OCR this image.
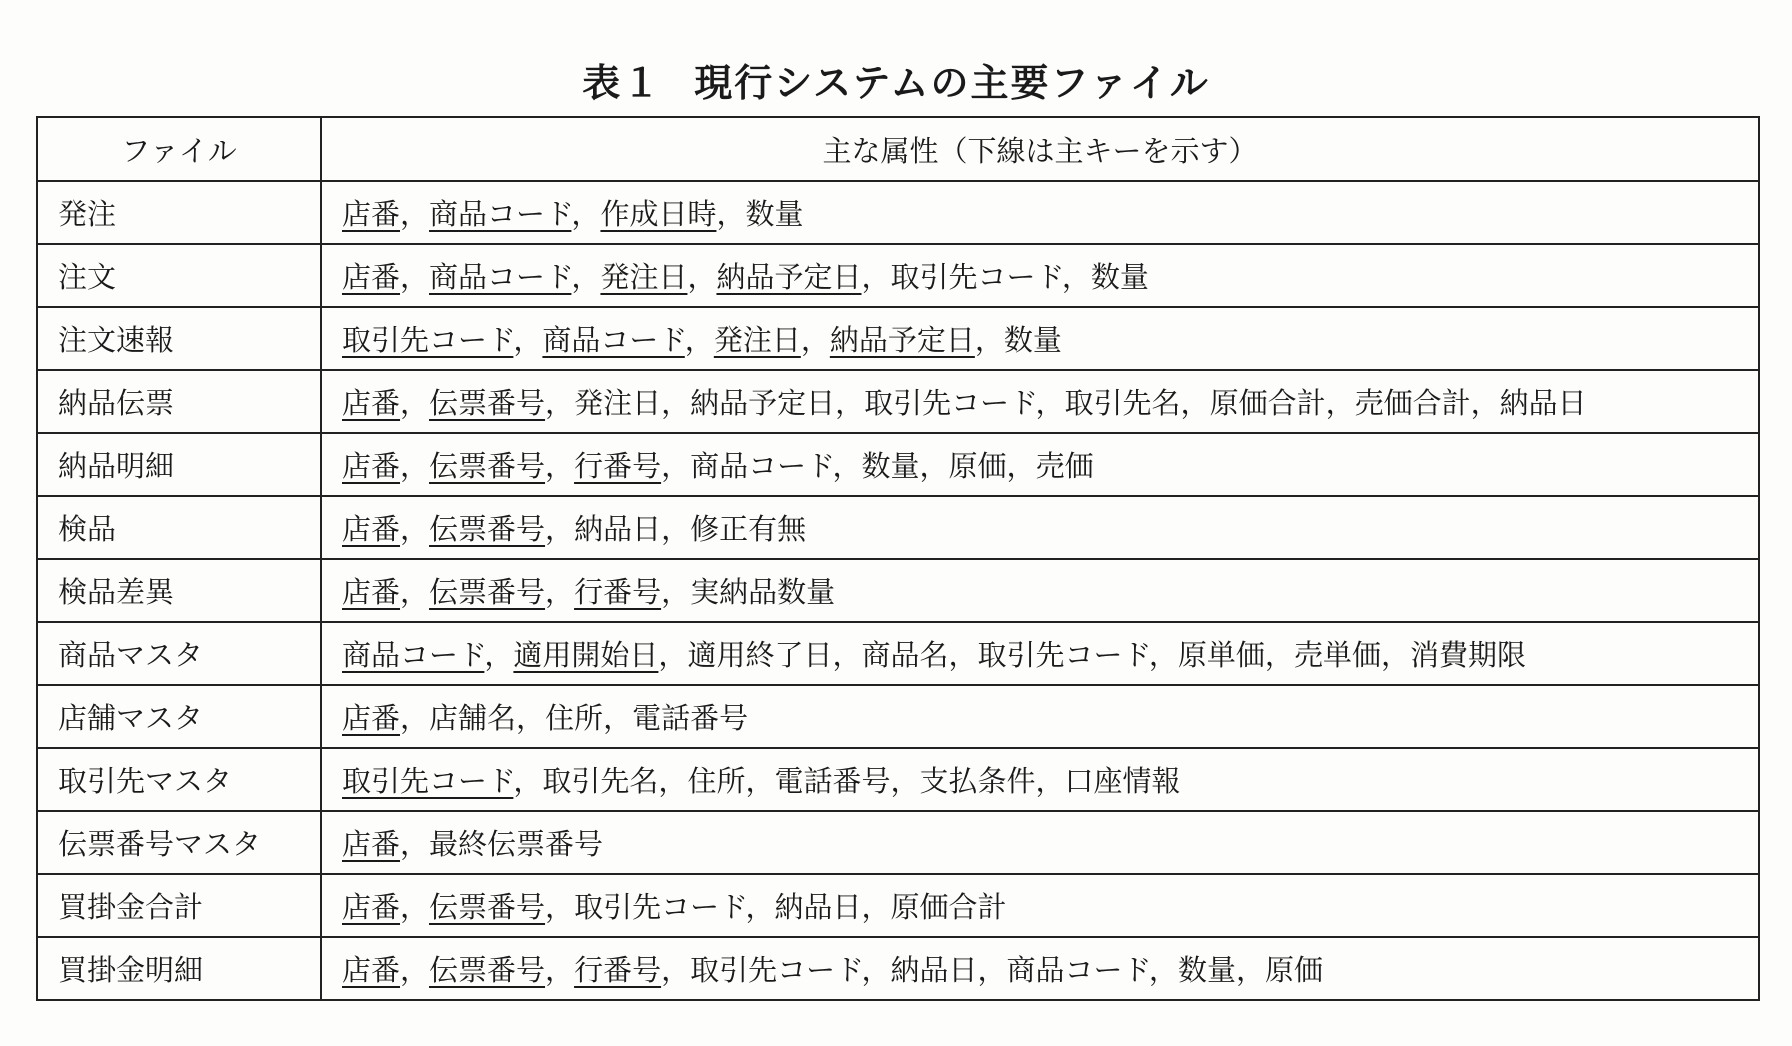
表１ 現行システムの主要ファイル
ファイル	主な属性（下線は主キーを示す）
発注	店番，商品コード，作成日時，数量
注文	店番，商品コード，発注日，納品予定日，取引先コード，数量
注文速報	取引先コード，商品コード，発注日，納品予定日，数量
納品伝票	店番，伝票番号，発注日，納品予定日，取引先コード，取引先名，原価合計，売価合計，納品日
納品明細	店番，伝票番号，行番号，商品コード，数量，原価，売価
検品	店番，伝票番号，納品日，修正有無
検品差異	店番，伝票番号，行番号，実納品数量
商品マスタ	商品コード，適用開始日，適用終了日，商品名，取引先コード，原単価，売単価，消費期限
店舗マスタ	店番，店舗名，住所，電話番号
取引先マスタ	取引先コード，取引先名，住所，電話番号，支払条件，口座情報
伝票番号マスタ	店番，最終伝票番号
買掛金合計	店番，伝票番号，取引先コード，納品日，原価合計
買掛金明細	店番，伝票番号，行番号，取引先コード，納品日，商品コード，数量，原価
